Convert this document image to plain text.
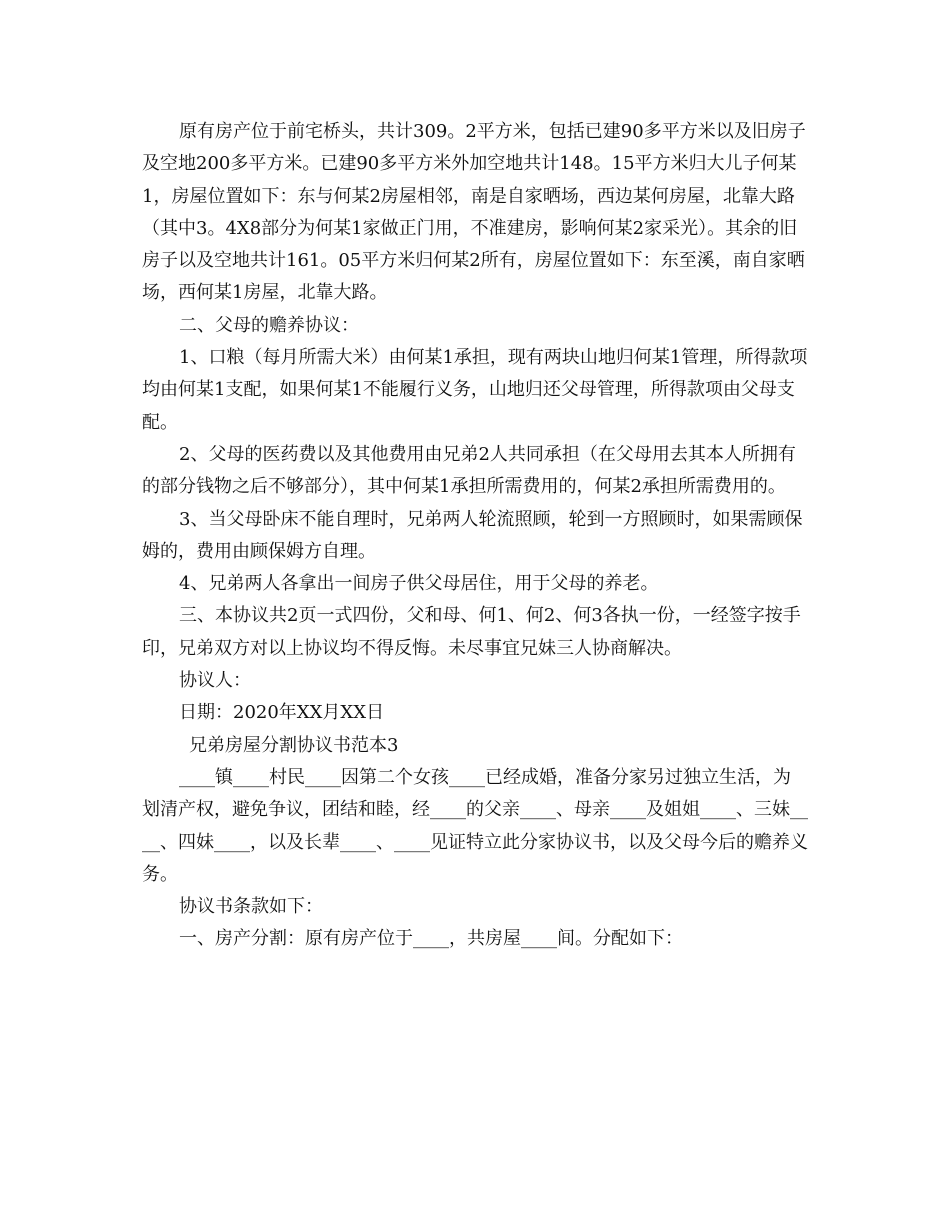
原有房产位于前宅桥头，共计309。2平方米，包括已建90多平方米以及旧房子及空地200多平方米。已建90多平方米外加空地共计148。15平方米归大儿子何某1，房屋位置如下：东与何某2房屋相邻，南是自家晒场，西边某何房屋，北靠大路（其中3。4X8部分为何某1家做正门用，不准建房，影响何某2家采光）。其余的旧房子以及空地共计161。05平方米归何某2所有，房屋位置如下：东至溪，南自家晒场，西何某1房屋，北靠大路。

二、父母的赡养协议：

1、口粮（每月所需大米）由何某1承担，现有两块山地归何某1管理，所得款项均由何某1支配，如果何某1不能履行义务，山地归还父母管理，所得款项由父母支配。

2、父母的医药费以及其他费用由兄弟2人共同承担（在父母用去其本人所拥有的部分钱物之后不够部分），其中何某1承担所需费用的，何某2承担所需费用的。

3、当父母卧床不能自理时，兄弟两人轮流照顾，轮到一方照顾时，如果需顾保姆的，费用由顾保姆方自理。

4、兄弟两人各拿出一间房子供父母居住，用于父母的养老。

三、本协议共2页一式四份，父和母、何1、何2、何3各执一份，一经签字按手印，兄弟双方对以上协议均不得反悔。未尽事宜兄妹三人协商解决。

协议人：

日期：2020年XX月XX日

兄弟房屋分割协议书范本3

____镇____村民____因第二个女孩____已经成婚，准备分家另过独立生活，为划清产权，避免争议，团结和睦，经____的父亲____、母亲____及姐姐____、三妹____、四妹____，以及长辈____、____见证特立此分家协议书，以及父母今后的赡养义务。

协议书条款如下：

一、房产分割：原有房产位于____，共房屋____间。分配如下：
